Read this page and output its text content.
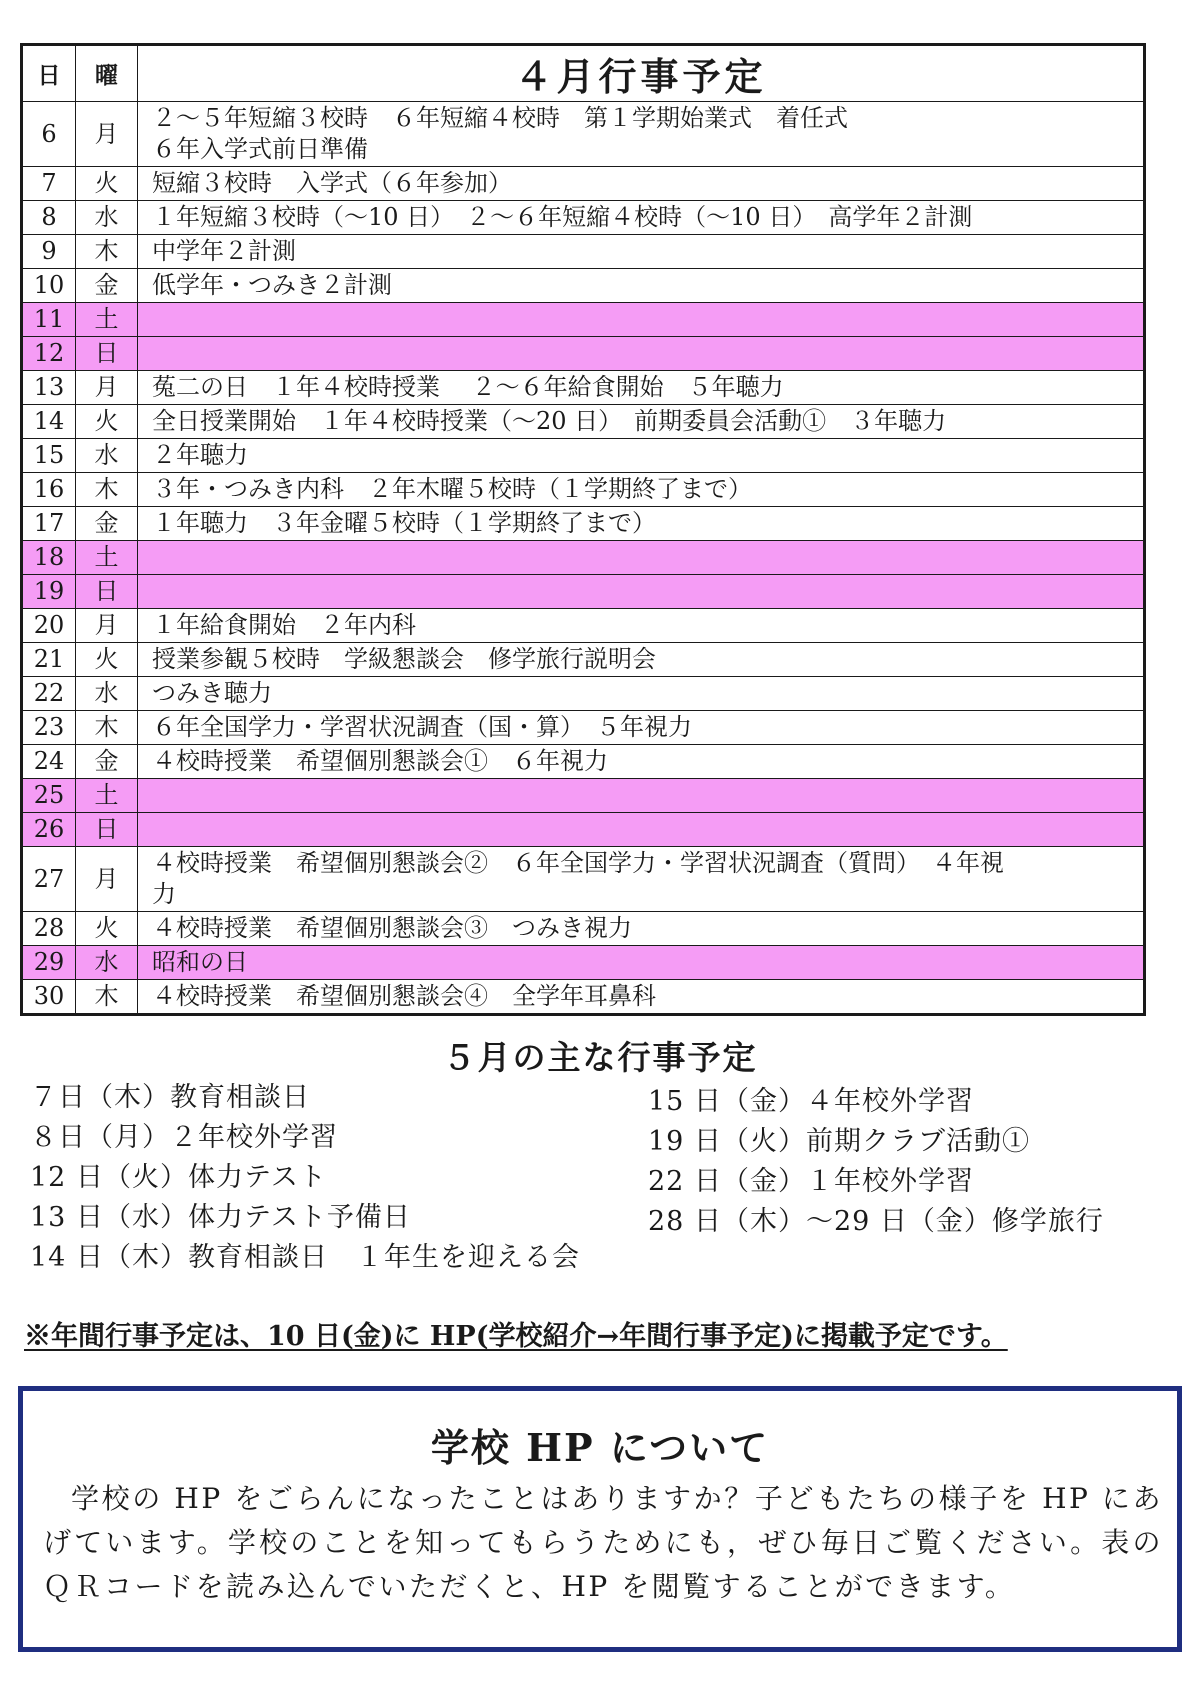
日	曜	４月行事予定
6	月	２～５年短縮３校時　６年短縮４校時　第１学期始業式　着任式
６年入学式前日準備

7	火	短縮３校時　入学式（６年参加）

8	水	１年短縮３校時（～10 日）　２～６年短縮４校時（～10 日）　高学年２計測

9	木	中学年２計測

10	金	低学年・つみき２計測

11	土	

12	日	

13	月	菟二の日　１年４校時授業　 ２～６年給食開始　５年聴力

14	火	全日授業開始　１年４校時授業（～20 日）　前期委員会活動①　３年聴力

15	水	２年聴力

16	木	３年・つみき内科　２年木曜５校時（１学期終了まで）

17	金	１年聴力　３年金曜５校時（１学期終了まで）

18	土	

19	日	

20	月	１年給食開始　２年内科

21	火	授業参観５校時　学級懇談会　修学旅行説明会

22	水	つみき聴力

23	木	６年全国学力・学習状況調査（国・算）　５年視力

24	金	４校時授業　希望個別懇談会①　６年視力

25	土	

26	日	

27	月	４校時授業　希望個別懇談会②　６年全国学力・学習状況調査（質問）　４年視
力

28	火	４校時授業　希望個別懇談会③　つみき視力

29	水	昭和の日

30	木	４校時授業　希望個別懇談会④　全学年耳鼻科
５月の主な行事予定
７日（木）教育相談日
８日（月）２年校外学習
12 日（火）体力テスト
13 日（水）体力テスト予備日
14 日（木）教育相談日　１年生を迎える会
15 日（金）４年校外学習
19 日（火）前期クラブ活動①
22 日（金）１年校外学習
28 日（木）～29 日（金）修学旅行
※年間行事予定は、10 日(金)に HP(学校紹介→年間行事予定)に掲載予定です。
学校 HP について

学校の HP をごらんになったことはありますか？子どもたちの様子を HP にあげています。学校のことを知ってもらうためにも，ぜひ毎日ご覧ください。表のＱＲコードを読み込んでいただくと、HP を閲覧することができます。
